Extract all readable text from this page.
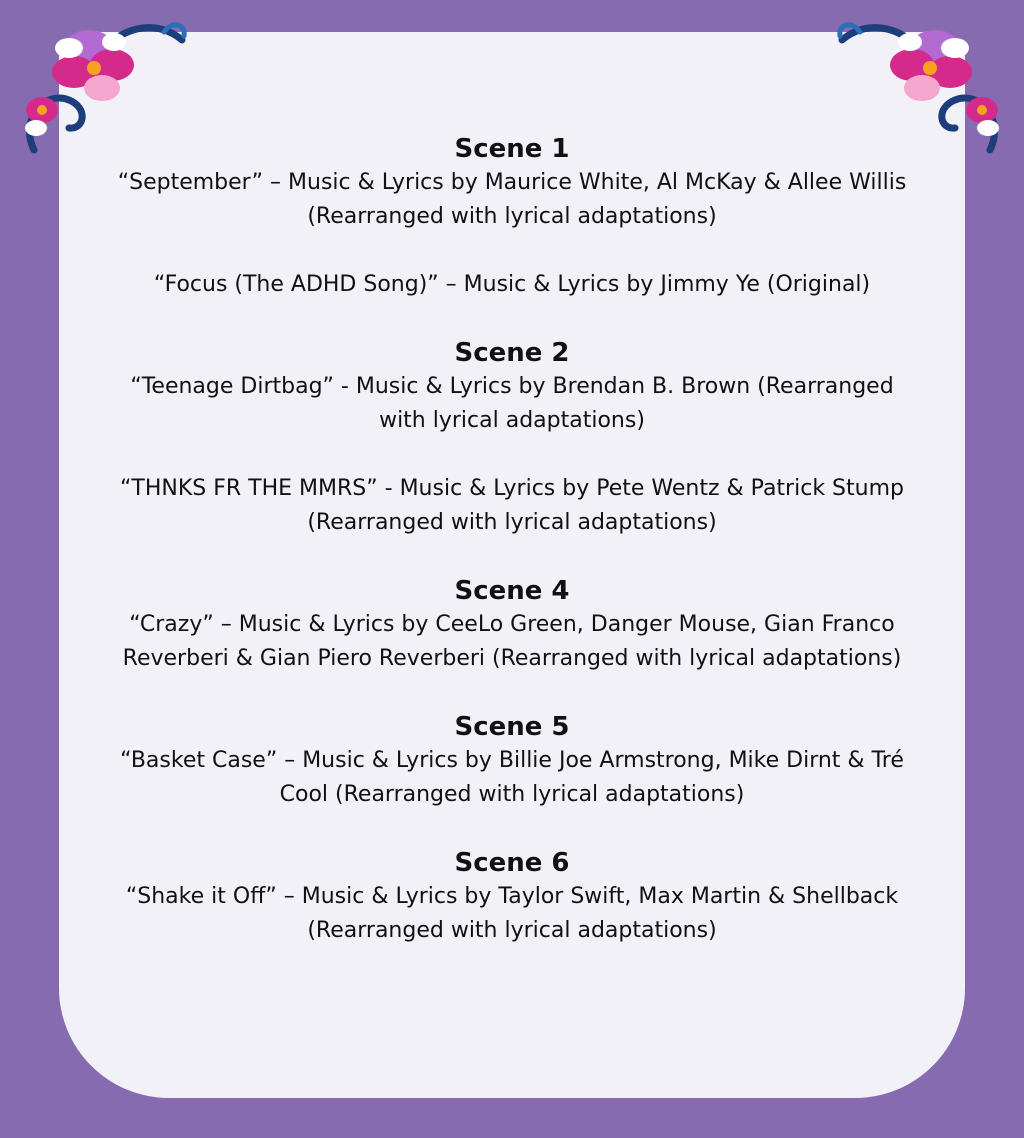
Scene 1

“September” – Music & Lyrics by Maurice White, Al McKay & Allee Willis (Rearranged with lyrical adaptations)

“Focus (The ADHD Song)” – Music & Lyrics by Jimmy Ye (Original)

Scene 2

“Teenage Dirtbag” - Music & Lyrics by Brendan B. Brown (Rearranged with lyrical adaptations)

“THNKS FR THE MMRS” - Music & Lyrics by Pete Wentz & Patrick Stump (Rearranged with lyrical adaptations)

Scene 4

“Crazy” – Music & Lyrics by CeeLo Green, Danger Mouse, Gian Franco Reverberi & Gian Piero Reverberi (Rearranged with lyrical adaptations)

Scene 5

“Basket Case” – Music & Lyrics by Billie Joe Armstrong, Mike Dirnt & Tré Cool (Rearranged with lyrical adaptations)

Scene 6

“Shake it Off” – Music & Lyrics by Taylor Swift, Max Martin & Shellback (Rearranged with lyrical adaptations)
